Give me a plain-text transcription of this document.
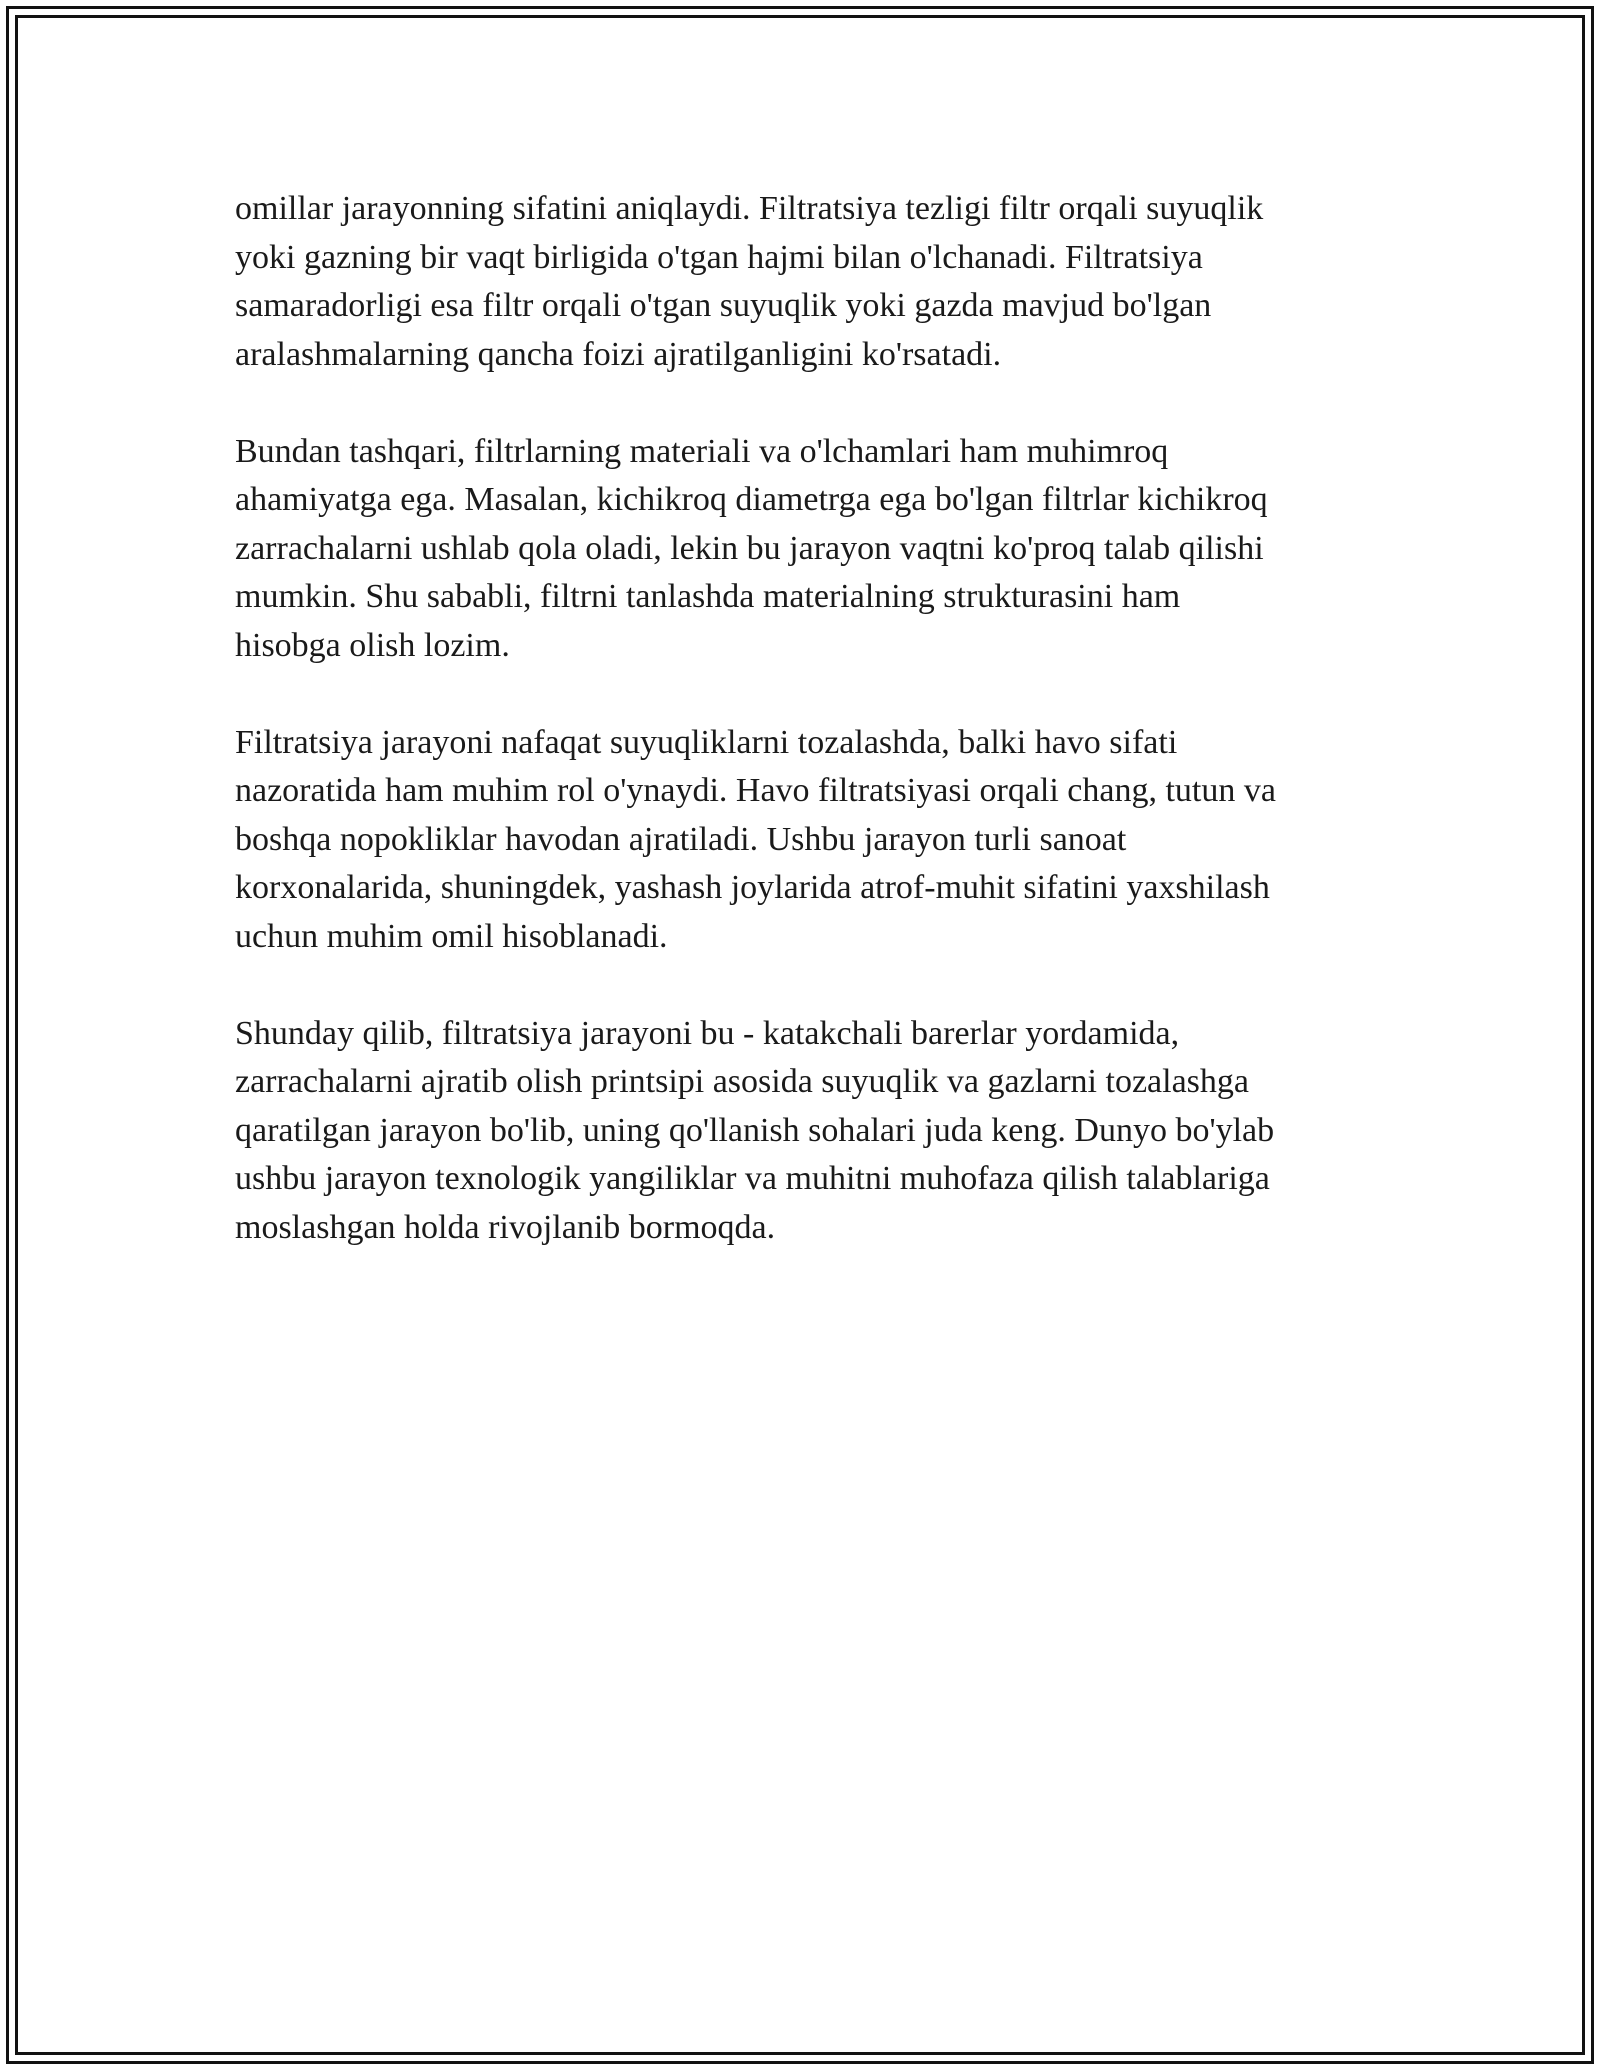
omillar jarayonning sifatini aniqlaydi. Filtratsiya tezligi filtr orqali suyuqlik
yoki gazning bir vaqt birligida o'tgan hajmi bilan o'lchanadi. Filtratsiya
samaradorligi esa filtr orqali o'tgan suyuqlik yoki gazda mavjud bo'lgan
aralashmalarning qancha foizi ajratilganligini ko'rsatadi.

Bundan tashqari, filtrlarning materiali va o'lchamlari ham muhimroq
ahamiyatga ega. Masalan, kichikroq diametrga ega bo'lgan filtrlar kichikroq
zarrachalarni ushlab qola oladi, lekin bu jarayon vaqtni ko'proq talab qilishi
mumkin. Shu sababli, filtrni tanlashda materialning strukturasini ham
hisobga olish lozim.

Filtratsiya jarayoni nafaqat suyuqliklarni tozalashda, balki havo sifati
nazoratida ham muhim rol o'ynaydi. Havo filtratsiyasi orqali chang, tutun va
boshqa nopokliklar havodan ajratiladi. Ushbu jarayon turli sanoat
korxonalarida, shuningdek, yashash joylarida atrof-muhit sifatini yaxshilash
uchun muhim omil hisoblanadi.

Shunday qilib, filtratsiya jarayoni bu - katakchali barerlar yordamida,
zarrachalarni ajratib olish printsipi asosida suyuqlik va gazlarni tozalashga
qaratilgan jarayon bo'lib, uning qo'llanish sohalari juda keng. Dunyo bo'ylab
ushbu jarayon texnologik yangiliklar va muhitni muhofaza qilish talablariga
moslashgan holda rivojlanib bormoqda.
